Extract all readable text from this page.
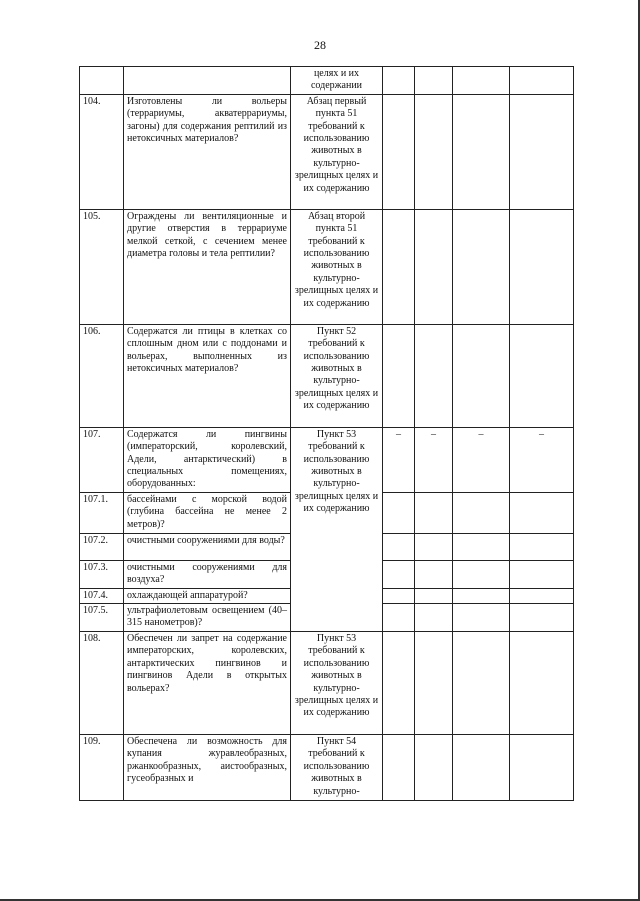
28
		целях и их содержании				
104.	Изготовлены ли вольеры (террариумы, акватеррариумы, загоны) для содержания рептилий из нетоксичных материалов?	Абзац первый пункта 51 требований к использованию животных в культурно-зрелищных целях и их содержанию				
105.	Ограждены ли вентиляционные и другие отверстия в террариуме мелкой сеткой, с сечением менее диаметра головы и тела рептилии?	Абзац второй пункта 51 требований к использованию животных в культурно-зрелищных целях и их содержанию				
106.	Содержатся ли птицы в клетках со сплошным дном или с поддонами и вольерах, выполненных из нетоксичных материалов?	Пункт 52 требований к использованию животных в культурно-зрелищных целях и их содержанию				
107.	Содержатся ли пингвины (императорский, королевский, Адели, антарктический) в специальных помещениях, оборудованных:	Пункт 53 требований к использованию животных в культурно-зрелищных целях и их содержанию	–	–	–	–
107.1.	бассейнами с морской водой (глубина бассейна не менее 2 метров)?					
107.2.	очистными сооружениями для воды?					
107.3.	очистными сооружениями для воздуха?					
107.4.	охлаждающей аппаратурой?					
107.5.	ультрафиолетовым освещением (40–315 нанометров)?					
108.	Обеспечен ли запрет на содержание императорских, королевских, антарктических пингвинов и пингвинов Адели в открытых вольерах?	Пункт 53 требований к использованию животных в культурно-зрелищных целях и их содержанию				
109.	Обеспечена ли возможность для купания журавлеобразных, ржанкообразных, аистообразных, гусеобразных и	Пункт 54 требований к использованию животных в культурно-				
